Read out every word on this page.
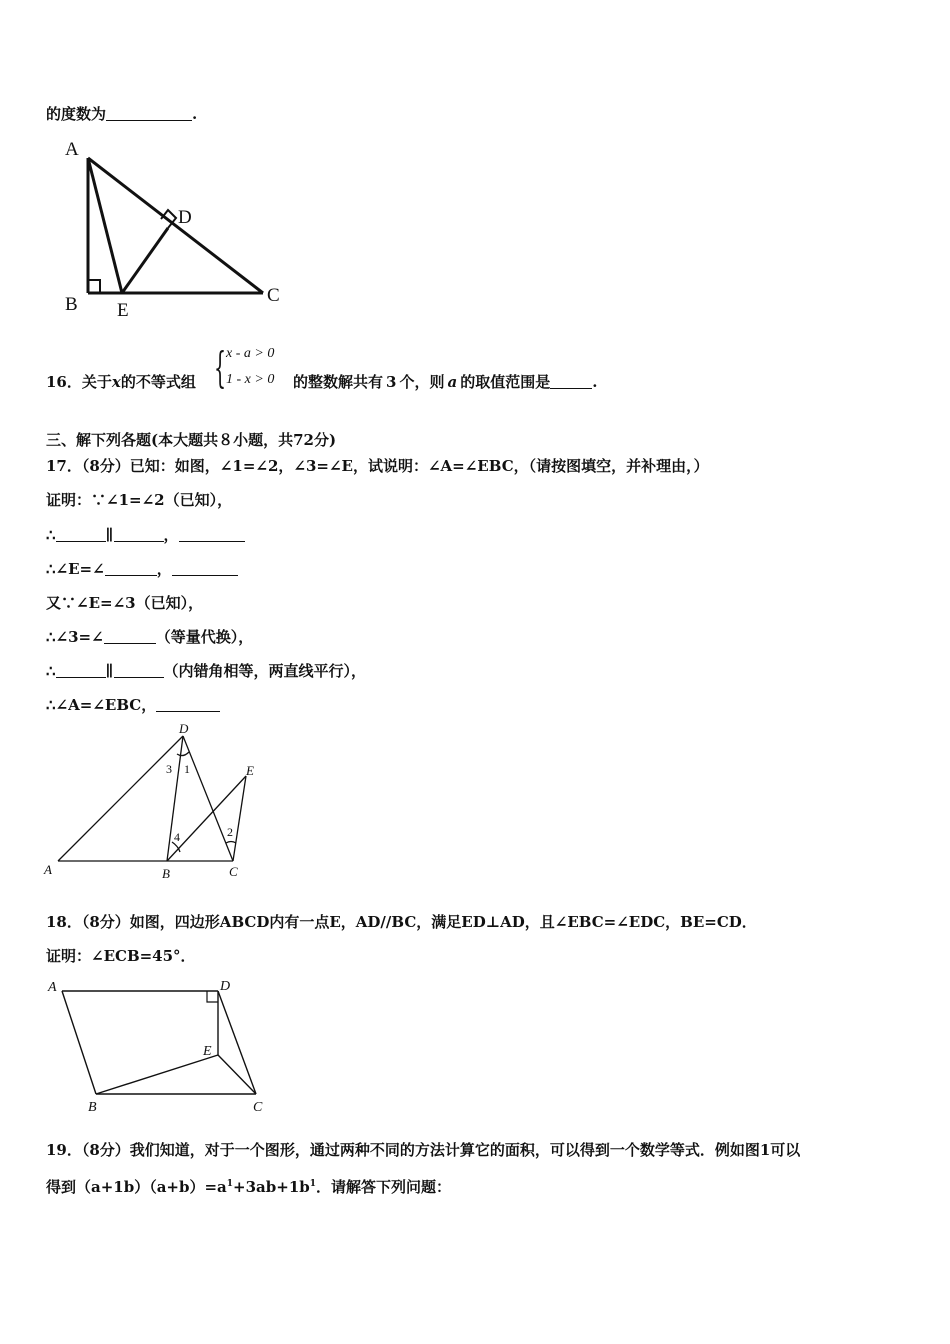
的度数为	.
A
B	C
D
E
16．关于x的不等式组 { x - a > 0
1 - x > 0 的整数解共有  3  个，则  a  的取值范围是	.
三、解下列各题(本大题共８小题，共72分)
17．（8分）已知：如图，∠1=∠2，∠3=∠E，试说明：∠A=∠EBC，（请按图填空，并补理由，）
证明：∵∠1=∠2（已知），
∴	∥	，
∴∠E=∠	，
又∵∠E=∠3（已知），
∴∠3=∠	（等量代换），
∴	∥	（内错角相等，两直线平行），
∴∠A=∠EBC，
A	B	C
D
E
1
2
3
4
18．（8分）如图，四边形ABCD内有一点E，AD//BC，满足ED⊥AD，且∠EBC=∠EDC，BE=CD．
证明：∠ECB=45°．
A
B	C
D
E
19．（8分）我们知道，对于一个图形，通过两种不同的方法计算它的面积，可以得到一个数学等式．例如图1可以
得到$(a+1b)(a+b)=a^1+3ab+1b^1$．请解答下列问题：
